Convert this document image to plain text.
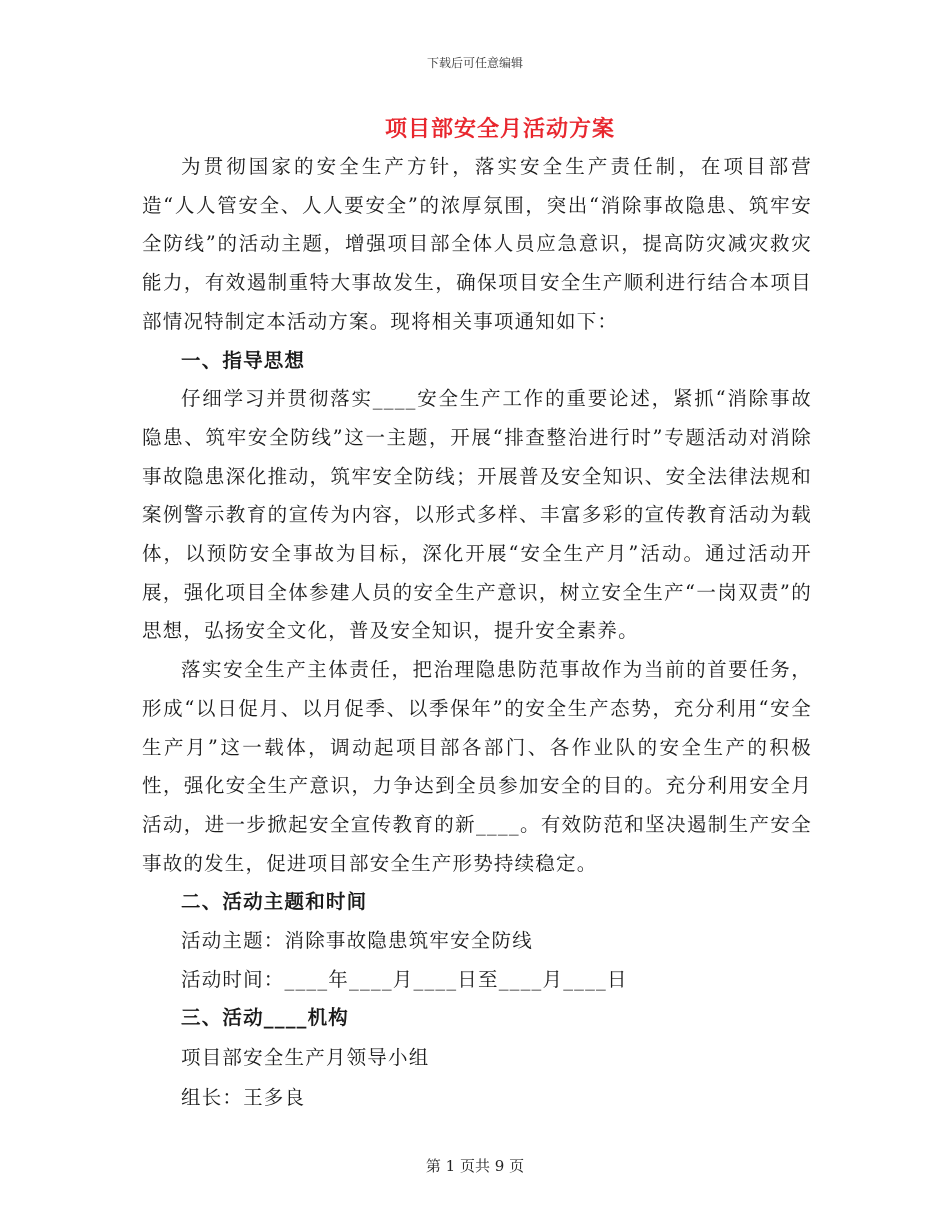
下载后可任意编辑
项目部安全月活动方案

为贯彻国家的安全生产方针，落实安全生产责任制，在项目部营造“人人管安全、人人要安全”的浓厚氛围，突出“消除事故隐患、筑牢安全防线”的活动主题，增强项目部全体人员应急意识，提高防灾减灾救灾能力，有效遏制重特大事故发生，确保项目安全生产顺利进行结合本项目部情况特制定本活动方案。现将相关事项通知如下：

一、指导思想

仔细学习并贯彻落实____安全生产工作的重要论述，紧抓“消除事故隐患、筑牢安全防线”这一主题，开展“排查整治进行时”专题活动对消除事故隐患深化推动，筑牢安全防线；开展普及安全知识、安全法律法规和案例警示教育的宣传为内容，以形式多样、丰富多彩的宣传教育活动为载体，以预防安全事故为目标，深化开展“安全生产月”活动。通过活动开展，强化项目全体参建人员的安全生产意识，树立安全生产“一岗双责”的思想，弘扬安全文化，普及安全知识，提升安全素养。

落实安全生产主体责任，把治理隐患防范事故作为当前的首要任务，形成“以日促月、以月促季、以季保年”的安全生产态势，充分利用“安全生产月”这一载体，调动起项目部各部门、各作业队的安全生产的积极性，强化安全生产意识，力争达到全员参加安全的目的。充分利用安全月活动，进一步掀起安全宣传教育的新____。有效防范和坚决遏制生产安全事故的发生，促进项目部安全生产形势持续稳定。

二、活动主题和时间
活动主题：消除事故隐患筑牢安全防线
活动时间：____年____月____日至____月____日
三、活动____机构
项目部安全生产月领导小组
组长：王多良
第 1 页共 9 页
